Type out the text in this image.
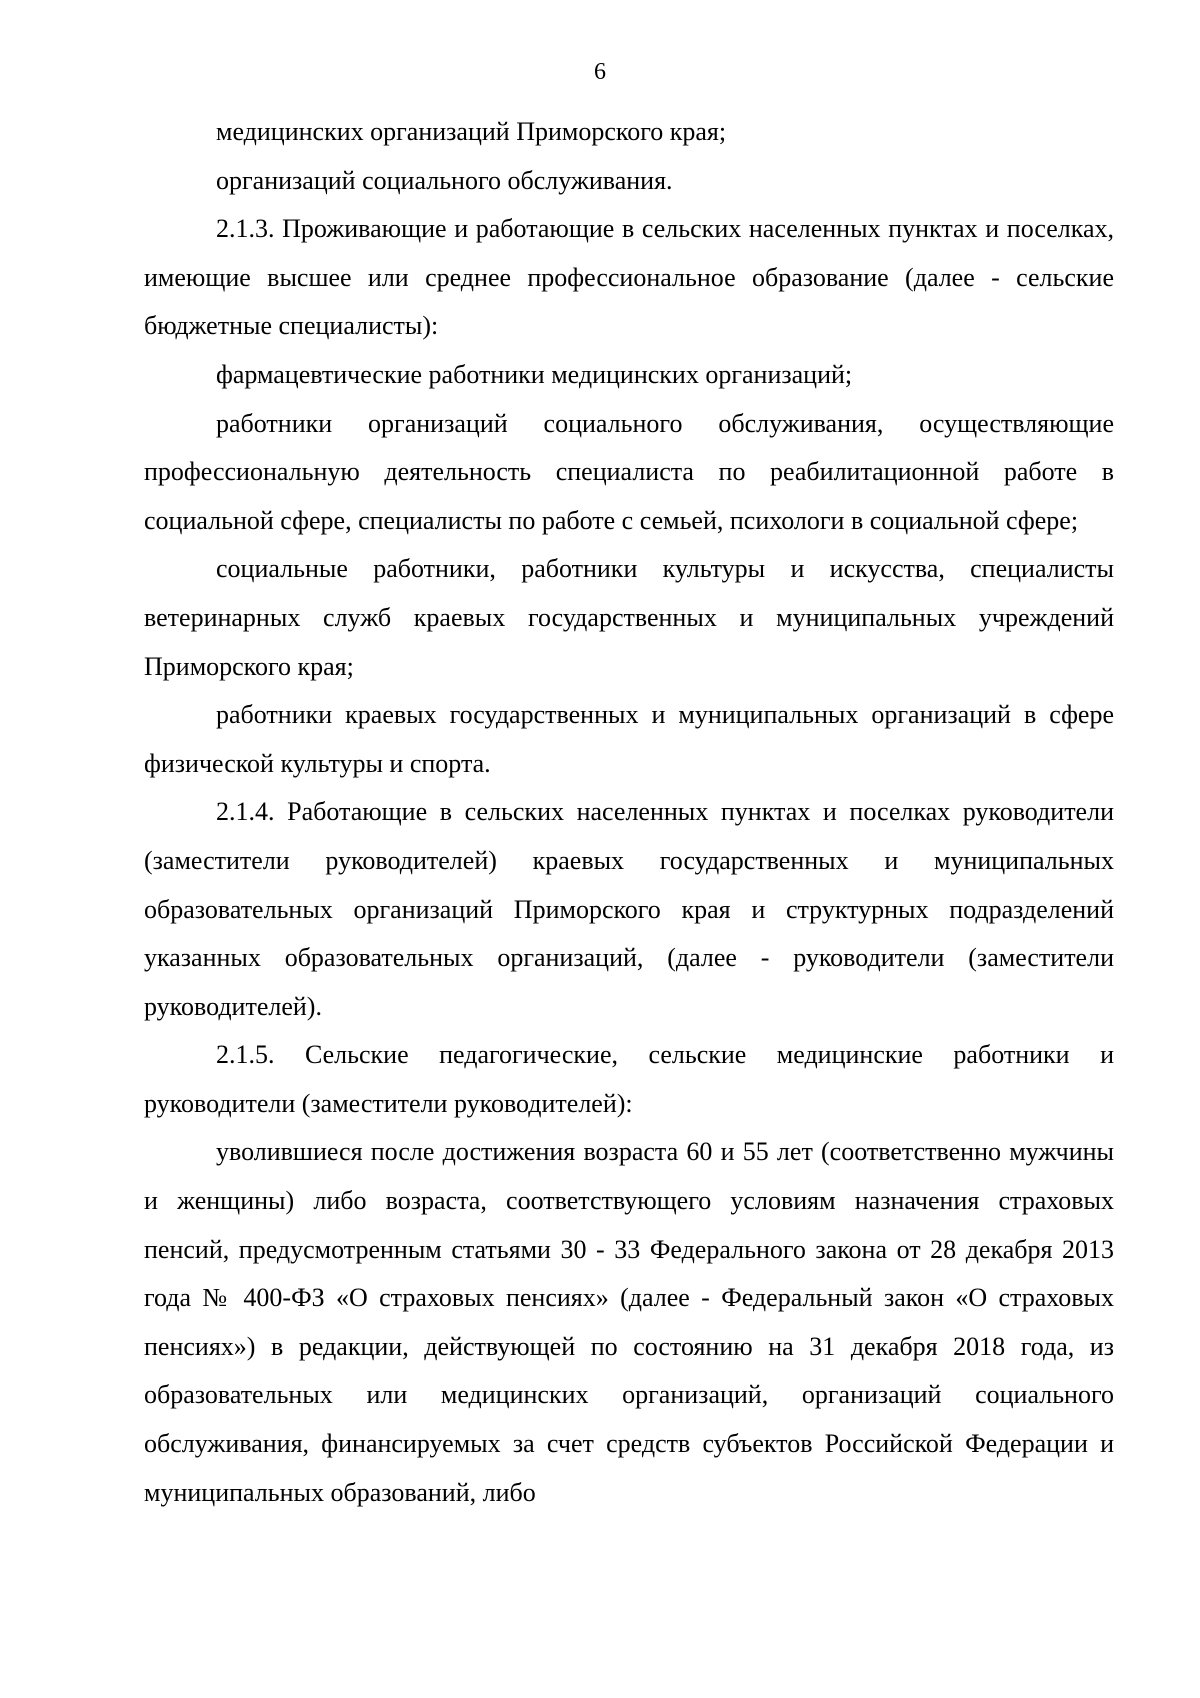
6

медицинских организаций Приморского края;

организаций социального обслуживания.

2.1.3. Проживающие и работающие в сельских населенных пунктах и поселках, имеющие высшее или среднее профессиональное образование (далее - сельские бюджетные специалисты):

фармацевтические работники медицинских организаций;

работники организаций социального обслуживания, осуществляющие профессиональную деятельность специалиста по реабилитационной работе в социальной сфере, специалисты по работе с семьей, психологи в социальной сфере;

социальные работники, работники культуры и искусства, специалисты ветеринарных служб краевых государственных и муниципальных учреждений Приморского края;

работники краевых государственных и муниципальных организаций в сфере физической культуры и спорта.

2.1.4. Работающие в сельских населенных пунктах и поселках руководители (заместители руководителей) краевых государственных и муниципальных образовательных организаций Приморского края и структурных подразделений указанных образовательных организаций, (далее - руководители (заместители руководителей).

2.1.5. Сельские педагогические, сельские медицинские работники и руководители (заместители руководителей):

уволившиеся после достижения возраста 60 и 55 лет (соответственно мужчины и женщины) либо возраста, соответствующего условиям назначения страховых пенсий, предусмотренным статьями 30 - 33 Федерального закона от 28 декабря 2013 года № 400-ФЗ «О страховых пенсиях» (далее - Федеральный закон «О страховых пенсиях») в редакции, действующей по состоянию на 31 декабря 2018 года, из образовательных или медицинских организаций, организаций социального обслуживания, финансируемых за счет средств субъектов Российской Федерации и муниципальных образований, либо
